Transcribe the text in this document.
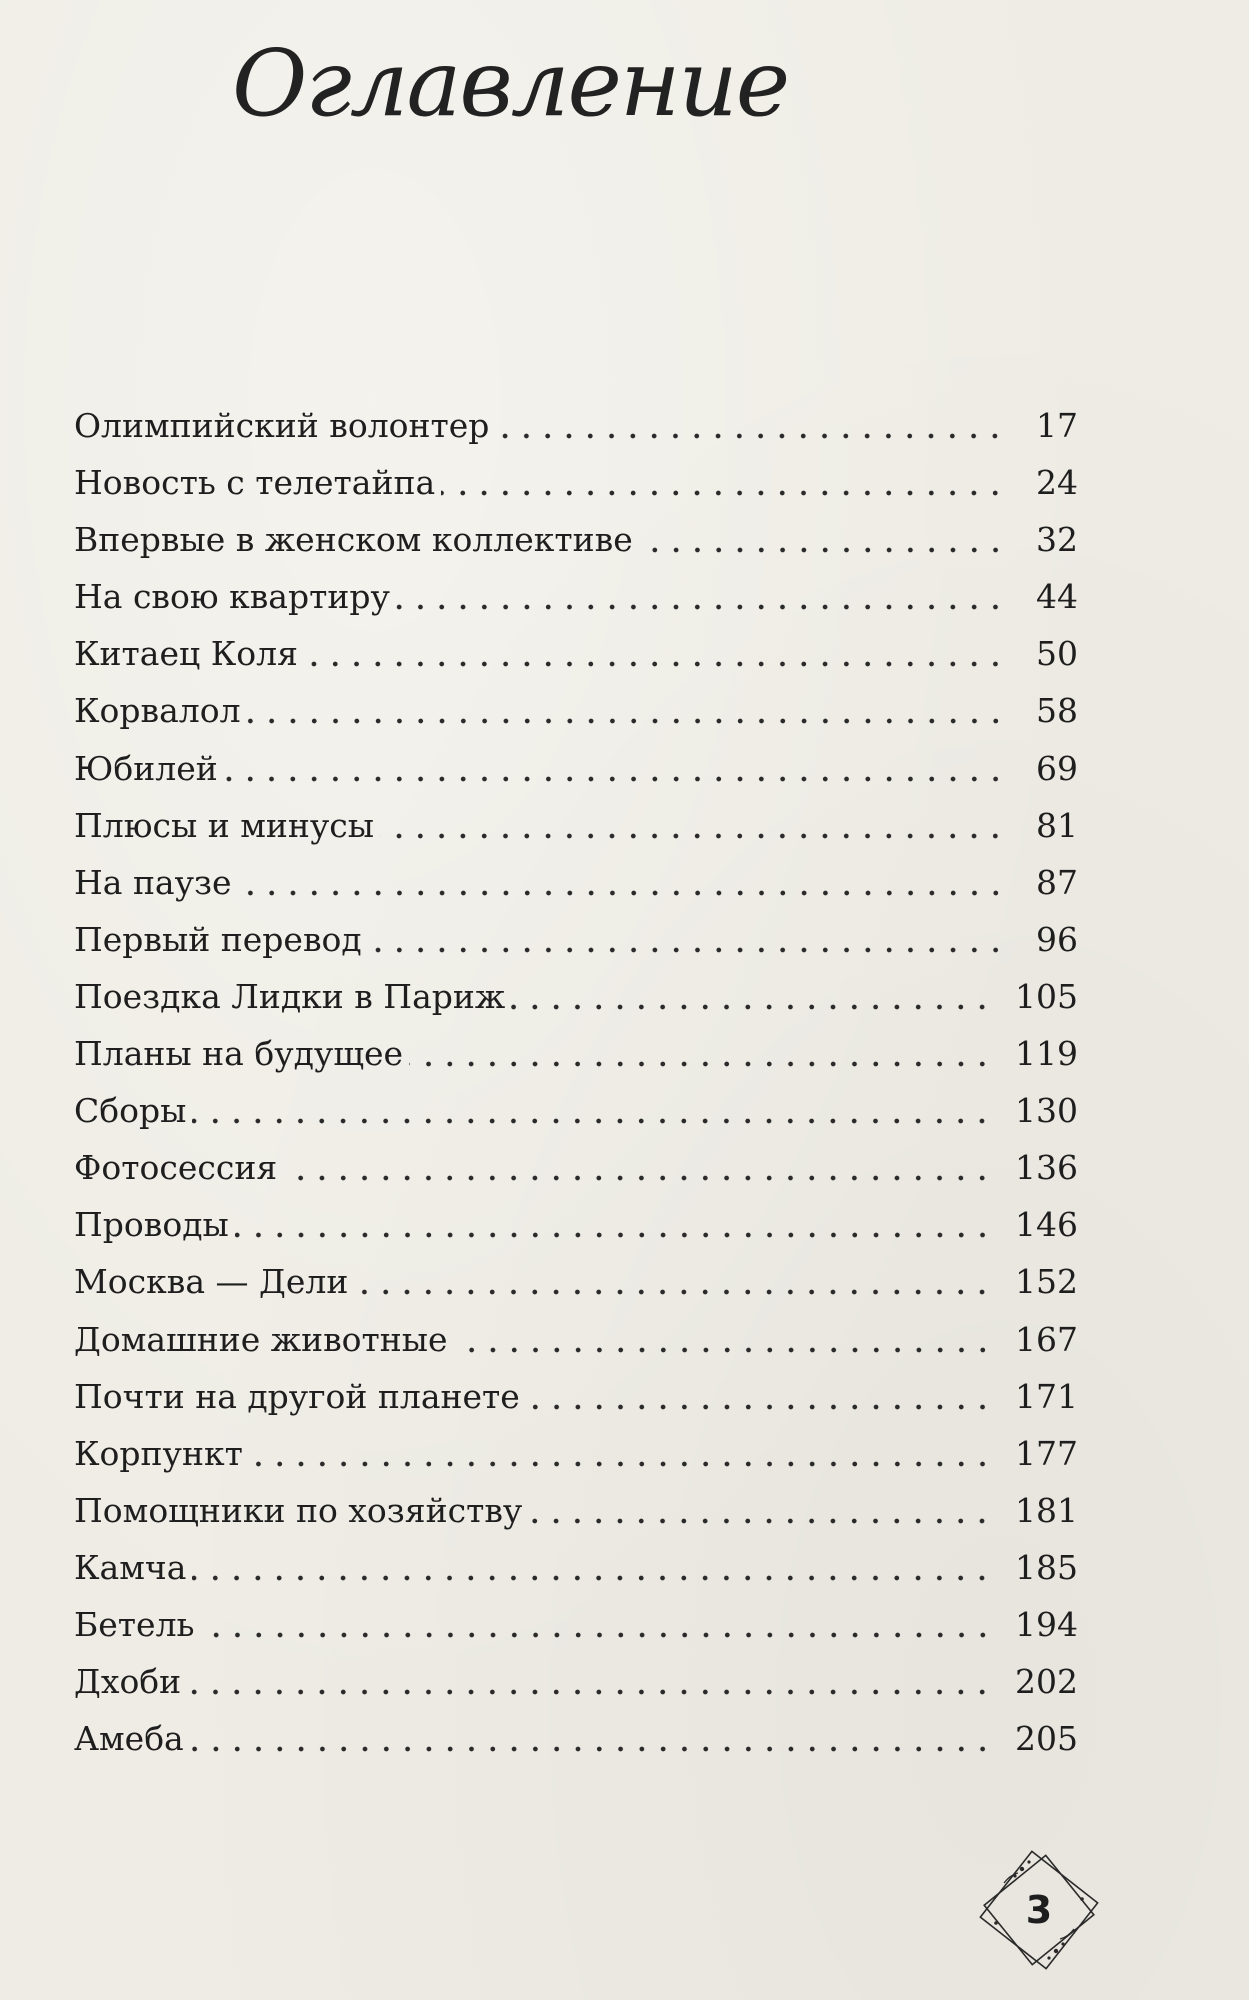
Оглавление
Олимпийский волонтер	17
Новость с телетайпа	24
Впервые в женском коллективе	32
На свою квартиру	44
Китаец Коля	50
Корвалол	58
Юбилей	69
Плюсы и минусы	81
На паузе	87
Первый перевод	96
Поездка Лидки в Париж	105
Планы на будущее	119
Сборы	130
Фотосессия	136
Проводы	146
Москва — Дели	152
Домашние животные	167
Почти на другой планете	171
Корпункт	177
Помощники по хозяйству	181
Камча	185
Бетель	194
Дхоби	202
Амеба	205
3
